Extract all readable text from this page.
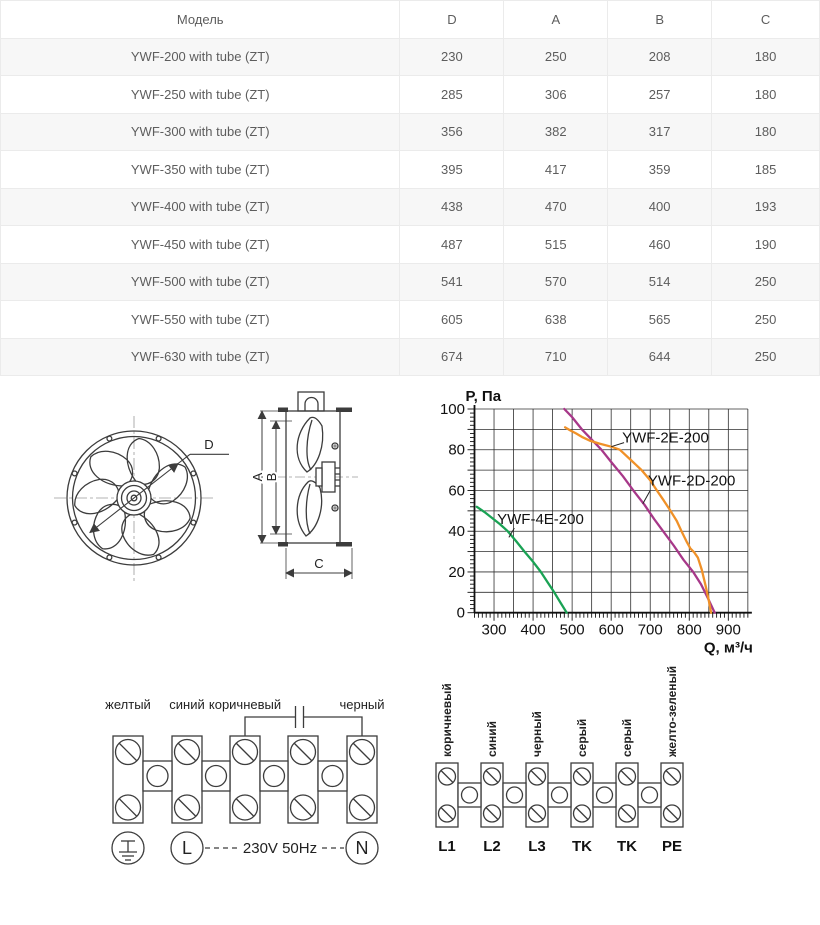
Модель	D	A	B	C
YWF-200 with tube (ZT)	230	250	208	180
YWF-250 with tube (ZT)	285	306	257	180
YWF-300 with tube (ZT)	356	382	317	180
YWF-350 with tube (ZT)	395	417	359	185
YWF-400 with tube (ZT)	438	470	400	193
YWF-450 with tube (ZT)	487	515	460	190
YWF-500 with tube (ZT)	541	570	514	250
YWF-550 with tube (ZT)	605	638	565	250
YWF-630 with tube (ZT)	674	710	644	250
D
A B
C
300 400 500 600 700 800 900
0
20
40
60
80
100
P, Па
Q, м³/ч
YWF-2E-200
YWF-2D-200
YWF-4E-200
желтый синий коричневый	черный
L	N
230V 50Hz
коричневый	синий	черный	серый	серый	желто-зеленый
L1 L2 L3 TK TK PE
